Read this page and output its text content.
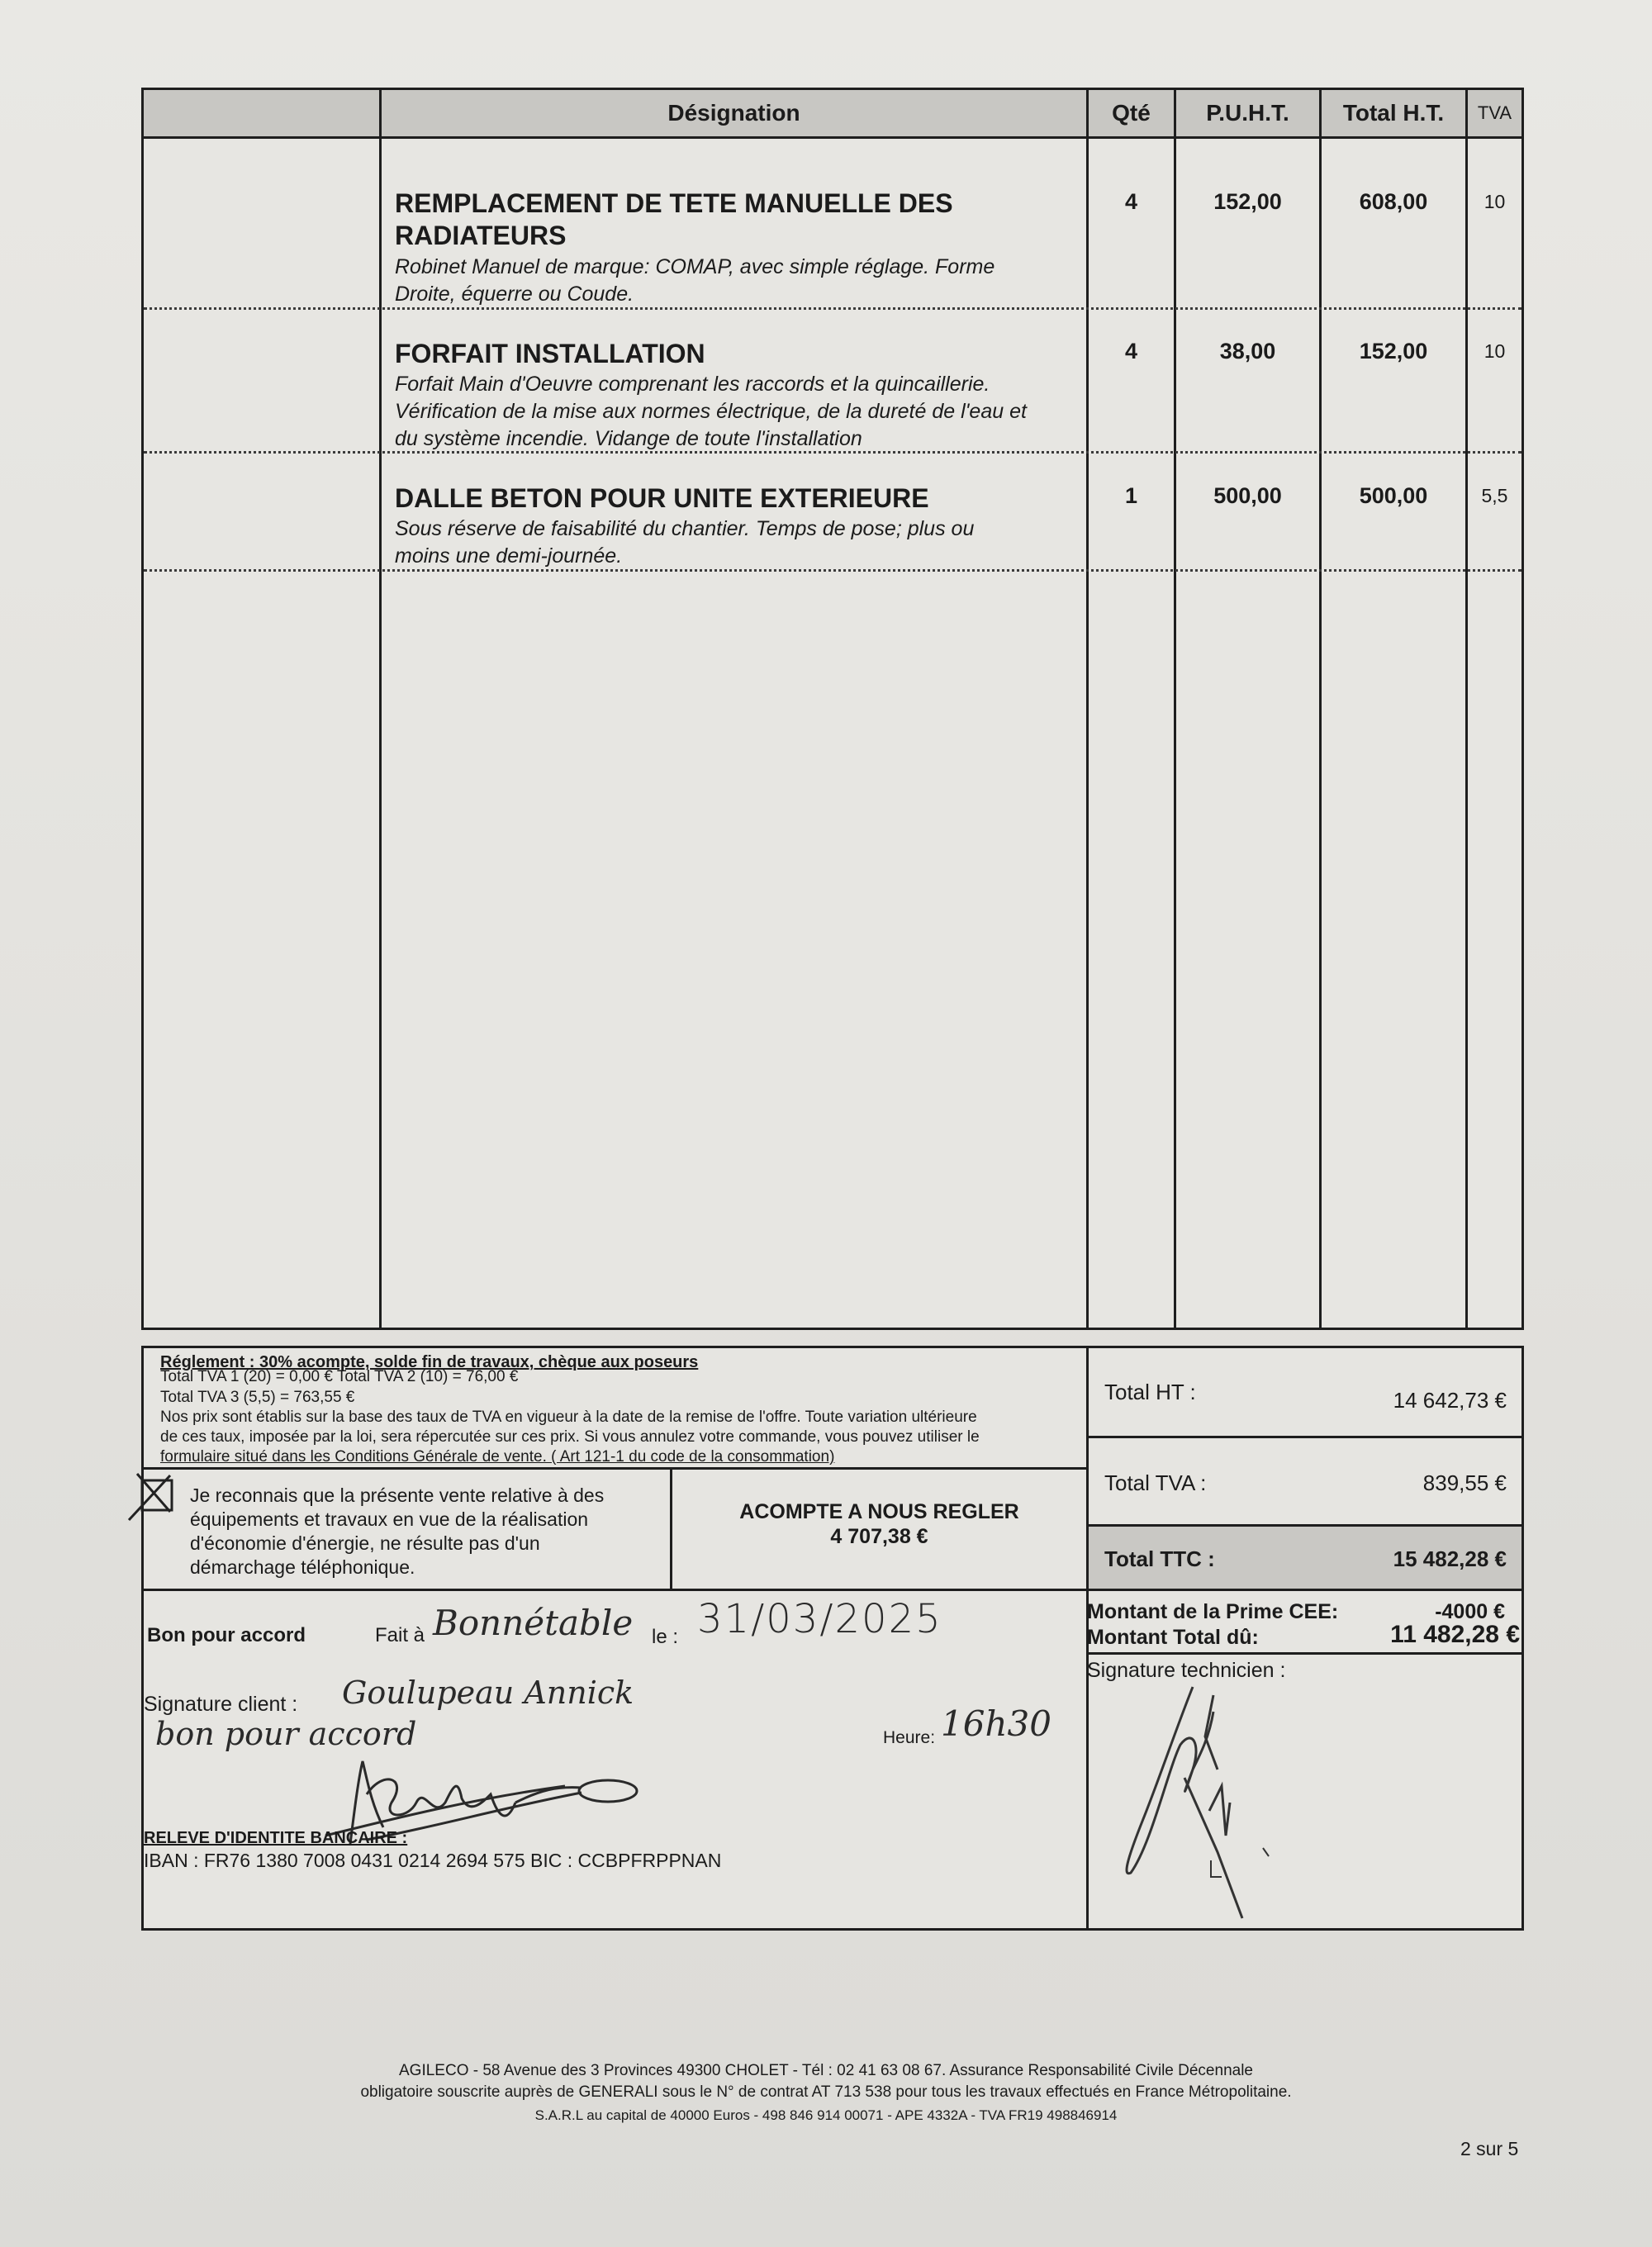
Désignation	Qté	P.U.H.T.	Total H.T.	TVA
REMPLACEMENT DE TETE MANUELLE DES
RADIATEURS
Robinet Manuel de marque: COMAP, avec simple réglage. Forme
Droite, équerre ou Coude.
4	152,00	608,00	10
FORFAIT INSTALLATION
Forfait Main d'Oeuvre comprenant les raccords et la quincaillerie.
Vérification de la mise aux normes électrique, de la dureté de l'eau et
du système incendie. Vidange de toute l'installation
4	38,00	152,00	10
DALLE BETON POUR UNITE EXTERIEURE
Sous réserve de faisabilité du chantier. Temps de pose; plus ou
moins une demi-journée.
1	500,00	500,00	5,5
Réglement : 30% acompte, solde fin de travaux, chèque aux poseurs
Total TVA 1 (20) = 0,00 € Total TVA 2 (10) = 76,00 €
Total TVA 3 (5,5) = 763,55 €
Nos prix sont établis sur la base des taux de TVA en vigueur à la date de la remise de l'offre. Toute variation ultérieure
de ces taux, imposée par la loi, sera répercutée sur ces prix. Si vous annulez votre commande, vous pouvez utiliser le
formulaire situé dans les Conditions Générale de vente. ( Art 121-1 du code de la consommation)
Je reconnais que la présente vente relative à des
équipements et travaux en vue de la réalisation
d'économie d'énergie, ne résulte pas d'un
démarchage téléphonique.
ACOMPTE A NOUS REGLER
4 707,38 €
Total HT :	14 642,73 €
Total TVA :	839,55 €
Total TTC :	15 482,28 €
Montant de la Prime CEE:	-4000 €
Montant Total dû:	11 482,28 €
Signature technicien :
Bon pour accord	Fait à Bonnétable le : 31/03/2025
Signature client : Goulupeau Annick
bon pour accord	Heure: 16h30
RELEVE D'IDENTITE BANCAIRE :
IBAN : FR76 1380 7008 0431 0214 2694 575 BIC : CCBPFRPPNAN
AGILECO - 58 Avenue des 3 Provinces 49300 CHOLET - Tél : 02 41 63 08 67. Assurance Responsabilité Civile Décennale
obligatoire souscrite auprès de GENERALI sous le N° de contrat AT 713 538 pour tous les travaux effectués en France Métropolitaine.
S.A.R.L au capital de 40000 Euros - 498 846 914 00071 - APE 4332A - TVA FR19 498846914
2 sur 5
